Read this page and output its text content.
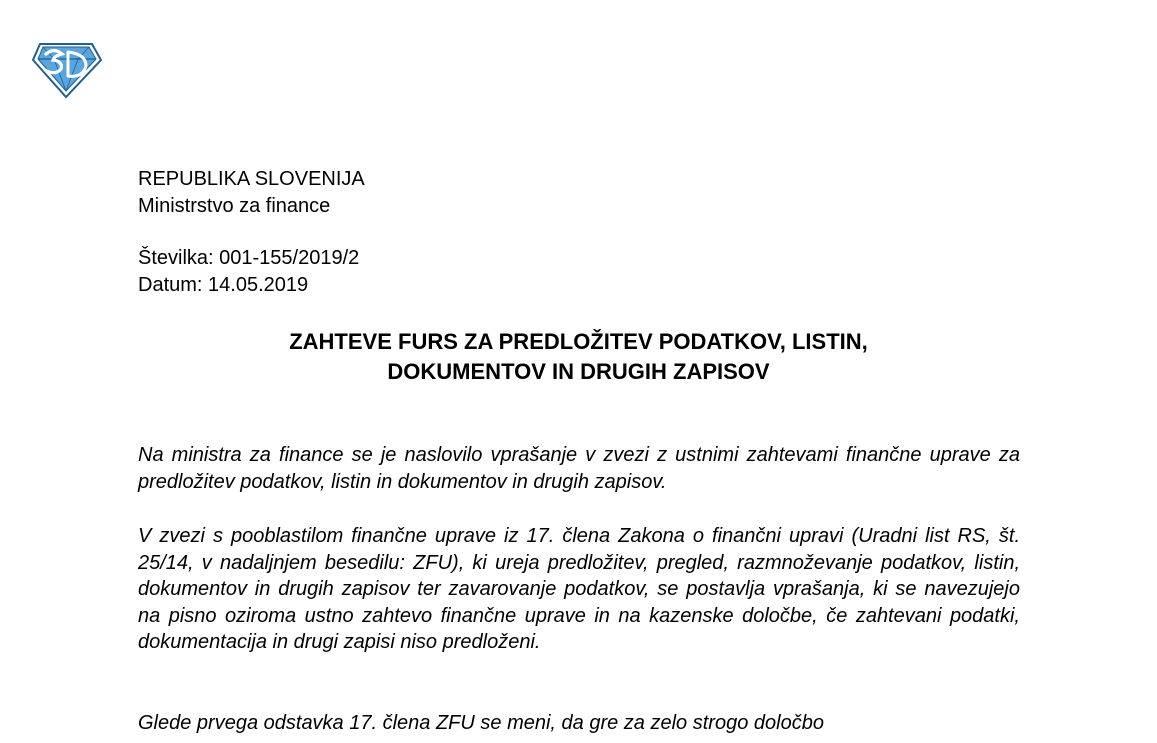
REPUBLIKA SLOVENIJA
Ministrstvo za finance
Številka: 001-155/2019/2
Datum: 14.05.2019
ZAHTEVE FURS ZA PREDLOŽITEV PODATKOV, LISTIN,
DOKUMENTOV IN DRUGIH ZAPISOV

Na ministra za finance se je naslovilo vprašanje v zvezi z ustnimi zahtevami finančne uprave za predložitev podatkov, listin in dokumentov in drugih zapisov.

V zvezi s pooblastilom finančne uprave iz 17. člena Zakona o finančni upravi (Uradni list RS, št. 25/14, v nadaljnjem besedilu: ZFU), ki ureja predložitev, pregled, razmnoževanje podatkov, listin, dokumentov in drugih zapisov ter zavarovanje podatkov, se postavlja vprašanja, ki se navezujejo na pisno oziroma ustno zahtevo finančne uprave in na kazenske določbe, če zahtevani podatki, dokumentacija in drugi zapisi niso predloženi.

Glede prvega odstavka 17. člena ZFU se meni, da gre za zelo strogo določbo
